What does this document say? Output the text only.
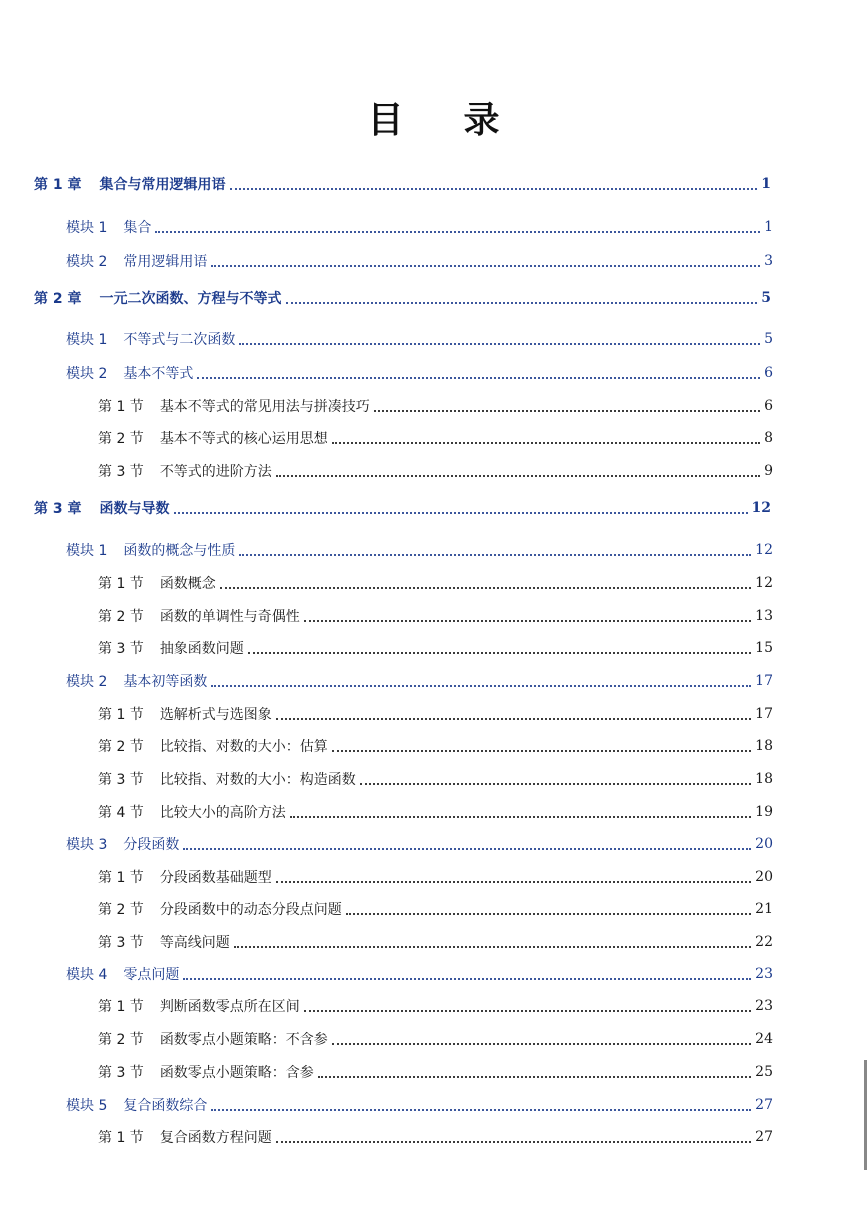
目录
第 1 章 集合与常用逻辑用语	1
模块 1 集合	1
模块 2 常用逻辑用语	3
第 2 章 一元二次函数、方程与不等式	5
模块 1 不等式与二次函数	5
模块 2 基本不等式	6
第 1 节 基本不等式的常见用法与拼凑技巧	6
第 2 节 基本不等式的核心运用思想	8
第 3 节 不等式的进阶方法	9
第 3 章 函数与导数	12
模块 1 函数的概念与性质	12
第 1 节 函数概念	12
第 2 节 函数的单调性与奇偶性	13
第 3 节 抽象函数问题	15
模块 2 基本初等函数	17
第 1 节 选解析式与选图象	17
第 2 节 比较指、对数的大小：估算	18
第 3 节 比较指、对数的大小：构造函数	18
第 4 节 比较大小的高阶方法	19
模块 3 分段函数	20
第 1 节 分段函数基础题型	20
第 2 节 分段函数中的动态分段点问题	21
第 3 节 等高线问题	22
模块 4 零点问题	23
第 1 节 判断函数零点所在区间	23
第 2 节 函数零点小题策略：不含参	24
第 3 节 函数零点小题策略：含参	25
模块 5 复合函数综合	27
第 1 节 复合函数方程问题	27
